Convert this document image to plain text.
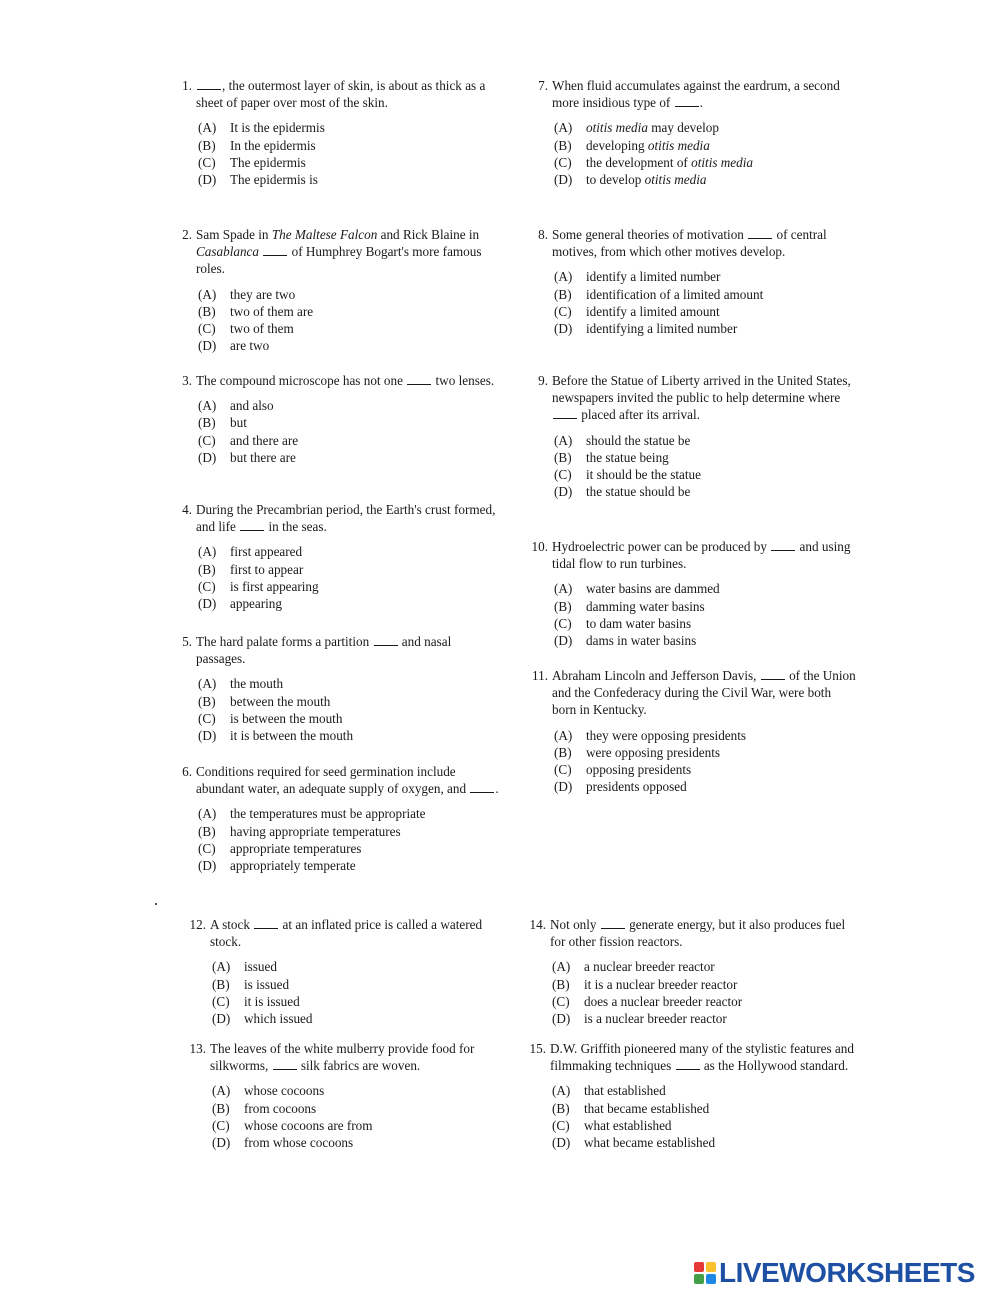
1.	, the outermost layer of skin, is about as thick as a sheet of paper over most of the skin.
(A) It is the epidermis
(B) In the epidermis
(C) The epidermis
(D) The epidermis is
2. Sam Spade in The Maltese Falcon and Rick Blaine in Casablanca  of Humphrey Bogart's more famous roles.
(A) they are two
(B) two of them are
(C) two of them
(D) are two
3. The compound microscope has not one  two lenses.
(A) and also
(B) but
(C) and there are
(D) but there are
4. During the Precambrian period, the Earth's crust formed, and life  in the seas.
(A) first appeared
(B) first to appear
(C) is first appearing
(D) appearing
5. The hard palate forms a partition  and nasal passages.
(A) the mouth
(B) between the mouth
(C) is between the mouth
(D) it is between the mouth
6. Conditions required for seed germination include abundant water, an adequate supply of oxygen, and .
(A) the temperatures must be appropriate
(B) having appropriate temperatures
(C) appropriate temperatures
(D) appropriately temperate
7. When fluid accumulates against the eardrum, a second more insidious type of .
(A) otitis media may develop
(B) developing otitis media
(C) the development of otitis media
(D) to develop otitis media
8. Some general theories of motivation  of central motives, from which other motives develop.
(A) identify a limited number
(B) identification of a limited amount
(C) identify a limited amount
(D) identifying a limited number
9. Before the Statue of Liberty arrived in the United States, newspapers invited the public to help determine where  placed after its arrival.
(A) should the statue be
(B) the statue being
(C) it should be the statue
(D) the statue should be
10. Hydroelectric power can be produced by  and using tidal flow to run turbines.
(A) water basins are dammed
(B) damming water basins
(C) to dam water basins
(D) dams in water basins
11. Abraham Lincoln and Jefferson Davis,  of the Union and the Confederacy during the Civil War, were both born in Kentucky.
(A) they were opposing presidents
(B) were opposing presidents
(C) opposing presidents
(D) presidents opposed
12. A stock  at an inflated price is called a watered stock.
(A) issued
(B) is issued
(C) it is issued
(D) which issued
13. The leaves of the white mulberry provide food for silkworms,  silk fabrics are woven.
(A) whose cocoons
(B) from cocoons
(C) whose cocoons are from
(D) from whose cocoons
14. Not only  generate energy, but it also produces fuel for other fission reactors.
(A) a nuclear breeder reactor
(B) it is a nuclear breeder reactor
(C) does a nuclear breeder reactor
(D) is a nuclear breeder reactor
15. D.W. Griffith pioneered many of the stylistic features and filmmaking techniques  as the Hollywood standard.
(A) that established
(B) that became established
(C) what established
(D) what became established
LIVEWORKSHEETS
